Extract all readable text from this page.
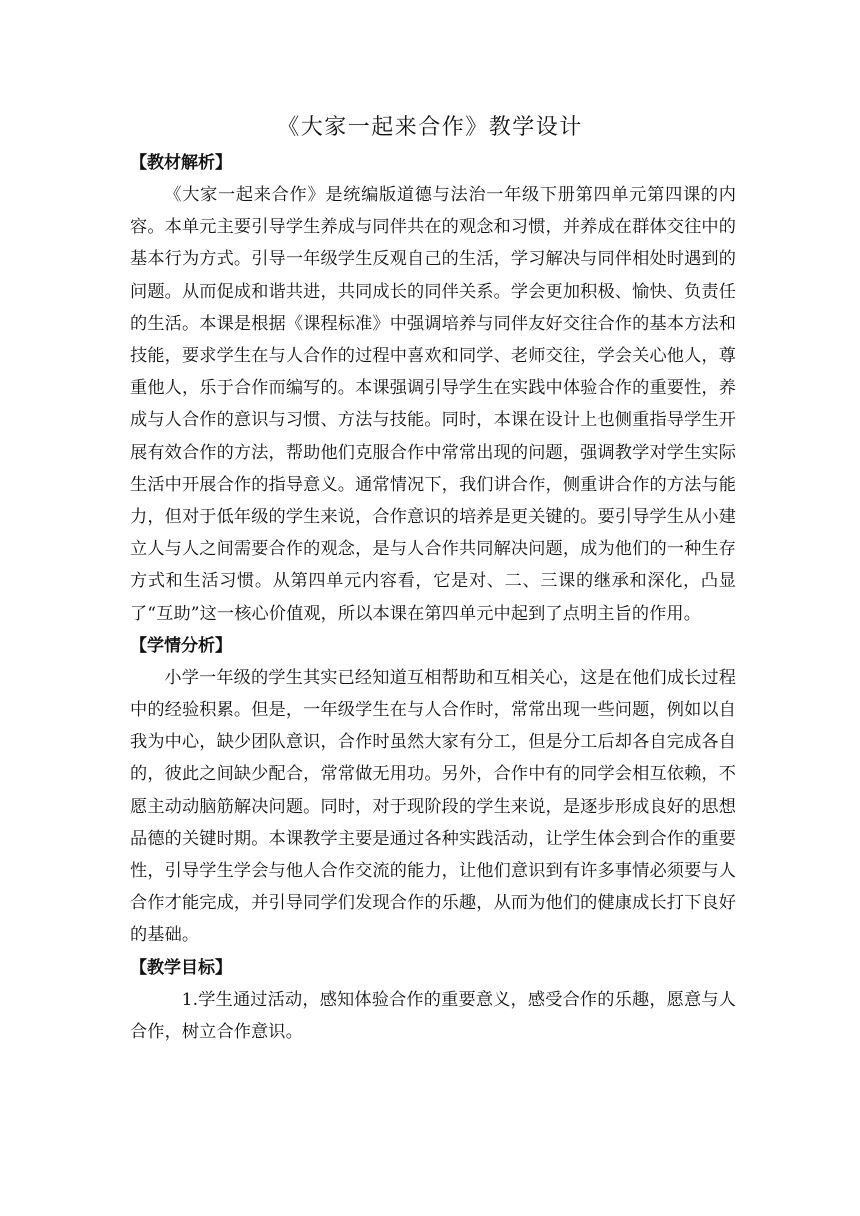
《大家一起来合作》教学设计

【教材解析】

《大家一起来合作》是统编版道德与法治一年级下册第四单元第四课的内容。本单元主要引导学生养成与同伴共在的观念和习惯，并养成在群体交往中的基本行为方式。引导一年级学生反观自己的生活，学习解决与同伴相处时遇到的问题。从而促成和谐共进，共同成长的同伴关系。学会更加积极、愉快、负责任的生活。本课是根据《课程标准》中强调培养与同伴友好交往合作的基本方法和技能，要求学生在与人合作的过程中喜欢和同学、老师交往，学会关心他人，尊重他人，乐于合作而编写的。本课强调引导学生在实践中体验合作的重要性，养成与人合作的意识与习惯、方法与技能。同时，本课在设计上也侧重指导学生开展有效合作的方法，帮助他们克服合作中常常出现的问题，强调教学对学生实际生活中开展合作的指导意义。通常情况下，我们讲合作，侧重讲合作的方法与能力，但对于低年级的学生来说，合作意识的培养是更关键的。要引导学生从小建立人与人之间需要合作的观念，是与人合作共同解决问题，成为他们的一种生存方式和生活习惯。从第四单元内容看，它是对、二、三课的继承和深化，凸显了“互助”这一核心价值观，所以本课在第四单元中起到了点明主旨的作用。

【学情分析】

小学一年级的学生其实已经知道互相帮助和互相关心，这是在他们成长过程中的经验积累。但是，一年级学生在与人合作时，常常出现一些问题，例如以自我为中心，缺少团队意识，合作时虽然大家有分工，但是分工后却各自完成各自的，彼此之间缺少配合，常常做无用功。另外，合作中有的同学会相互依赖，不愿主动动脑筋解决问题。同时，对于现阶段的学生来说，是逐步形成良好的思想品德的关键时期。本课教学主要是通过各种实践活动，让学生体会到合作的重要性，引导学生学会与他人合作交流的能力，让他们意识到有许多事情必须要与人合作才能完成，并引导同学们发现合作的乐趣，从而为他们的健康成长打下良好的基础。

【教学目标】

1.学生通过活动，感知体验合作的重要意义，感受合作的乐趣，愿意与人合作，树立合作意识。
